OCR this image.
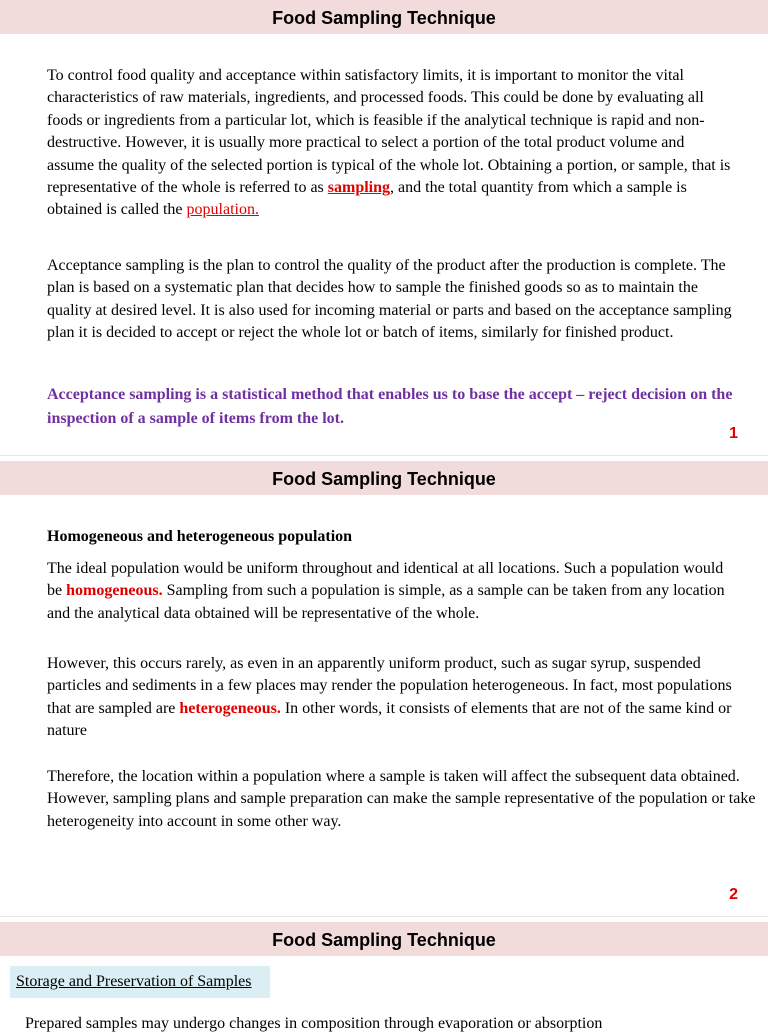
Food Sampling Technique

To control food quality and acceptance within satisfactory limits, it is important to monitor the vital characteristics of raw materials, ingredients, and processed foods. This could be done by evaluating all foods or ingredients from a particular lot, which is feasible if the analytical technique is rapid and non-destructive. However, it is usually more practical to select a portion of the total product volume and assume the quality of the selected portion is typical of the whole lot. Obtaining a portion, or sample, that is representative of the whole is referred to as sampling, and the total quantity from which a sample is obtained is called the population.

Acceptance sampling is the plan to control the quality of the product after the production is complete. The plan is based on a systematic plan that decides how to sample the finished goods so as to maintain the quality at desired level. It is also used for incoming material or parts and based on the acceptance sampling plan it is decided to accept or reject the whole lot or batch of items, similarly for finished product.

Acceptance sampling is a statistical method that enables us to base the accept – reject decision on the inspection of a sample of items from the lot.

1
Food Sampling Technique
Homogeneous and heterogeneous population

The ideal population would be uniform throughout and identical at all locations. Such a population would be homogeneous. Sampling from such a population is simple, as a sample can be taken from any location and the analytical data obtained will be representative of the whole.

However, this occurs rarely, as even in an apparently uniform product, such as sugar syrup, suspended particles and sediments in a few places may render the population heterogeneous. In fact, most populations that are sampled are heterogeneous. In other words, it consists of elements that are not of the same kind or nature

Therefore, the location within a population where a sample is taken will affect the subsequent data obtained. However, sampling plans and sample preparation can make the sample representative of the population or take heterogeneity into account in some other way.

2
Food Sampling Technique
Storage and Preservation of Samples
Prepared samples may undergo changes in composition through evaporation or absorption
